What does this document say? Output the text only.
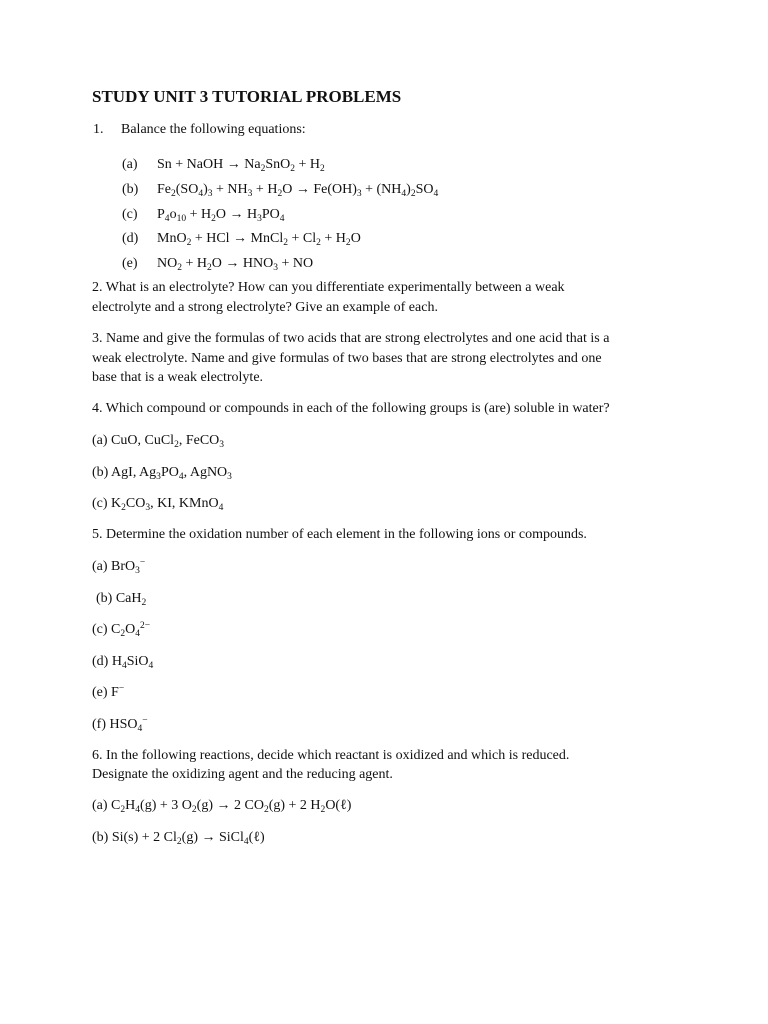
STUDY UNIT 3 TUTORIAL PROBLEMS
1. Balance the following equations:
(a) Sn + NaOH → $Na_2SnO_2 + H_2$
(b) $Fe_2(SO_4)_3 + NH_3 + H_2O \to Fe(OH)_3 + (NH_4)_2SO_4$
(c) $P_4o_{10} + H_2O \to H_3PO_4$
(d) MnO$_2$ + HCl → MnCl$_2$ + $Cl_2 + H_2O$
(e) $NO_2 + H_2O \to HNO_3$ + NO

2. What is an electrolyte? How can you differentiate experimentally between a weak

electrolyte and a strong electrolyte? Give an example of each.

3. Name and give the formulas of two acids that are strong electrolytes and one acid that is a

weak electrolyte. Name and give formulas of two bases that are strong electrolytes and one

base that is a weak electrolyte.

4. Which compound or compounds in each of the following groups is (are) soluble in water?

(a) CuO, CuCl$_2$, FeCO$_3$

(b) AgI, $Ag_3PO_4$, AgNO$_3$

(c) $K_2CO_3$, KI, KMnO$_4$

5. Determine the oxidation number of each element in the following ions or compounds.

(a) BrO$_3$−

(b) CaH$_2$

(c) $C_2O_4^{2-}$

(d) $H_4SiO_4$

(e) F−

(f) $HSO_4^-$

6. In the following reactions, decide which reactant is oxidized and which is reduced.

Designate the oxidizing agent and the reducing agent.

(a) $C_2H_4(g) + 3$ $O_2(g) \to 2$ $CO_2(g) + 2$ $H_2O(\ell)$

(b) Si(s) + 2 $Cl_2(g)$ → SiCl$_4$(ℓ)
